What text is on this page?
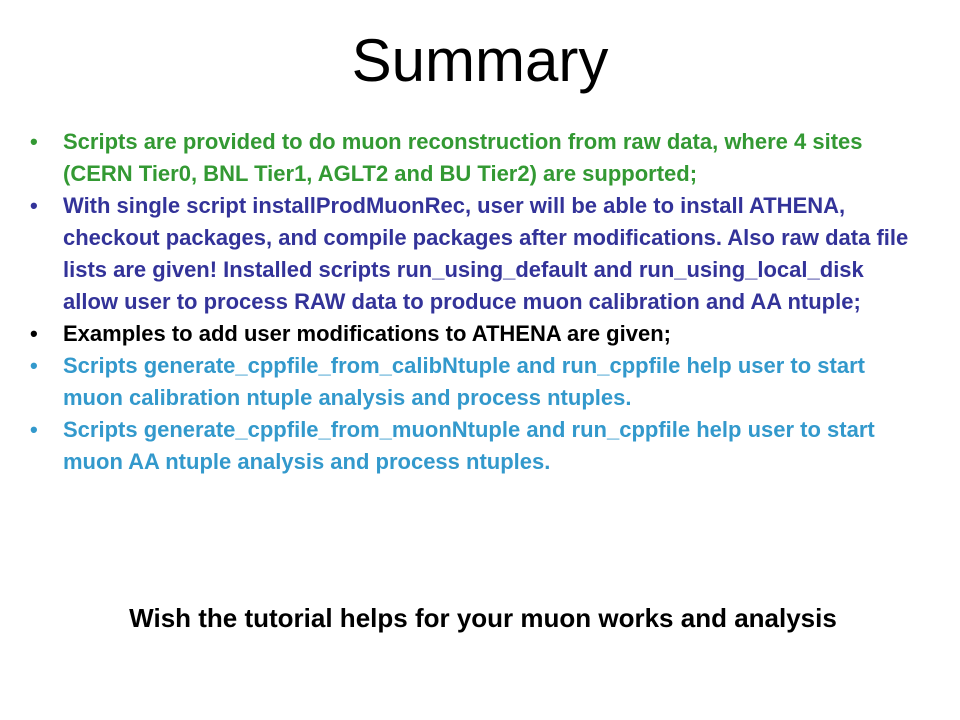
Summary
• Scripts are provided to do muon reconstruction from raw data, where 4 sites (CERN Tier0, BNL Tier1, AGLT2 and BU Tier2) are supported;
• With single script installProdMuonRec, user will be able to install ATHENA, checkout packages, and compile packages after modifications. Also raw data file lists are given! Installed scripts run_using_default and run_using_local_disk allow user to process RAW data to produce muon calibration and AA ntuple;
• Examples to add user modifications to ATHENA are given;
• Scripts generate_cppfile_from_calibNtuple and run_cppfile help user to start muon calibration ntuple analysis and process ntuples.
• Scripts generate_cppfile_from_muonNtuple and run_cppfile help user to start muon AA ntuple analysis and process ntuples.

Wish the tutorial helps for your muon works and analysis
